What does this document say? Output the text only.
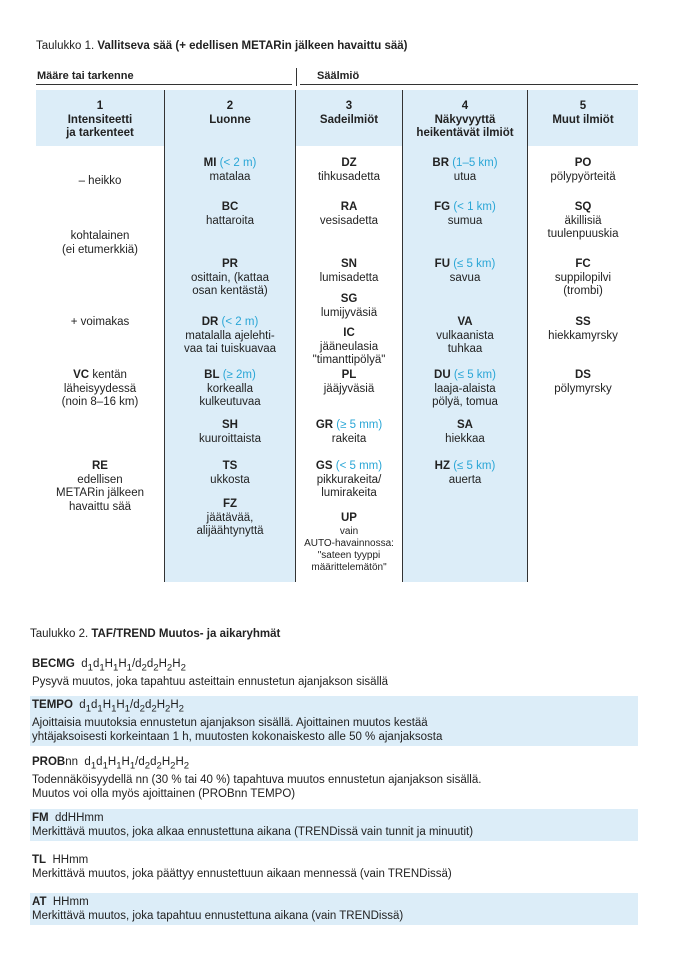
Taulukko 1. Vallitseva sää (+ edellisen METARin jälkeen havaittu sää)
Määre tai tarkenne	Säälmiö
1
Intensiteetti
ja tarkenteet
2
Luonne
3
Sadeilmiöt
4
Näkyvyyttä
heikentävät ilmiöt
5
Muut ilmiöt
– heikko
kohtalainen
(ei etumerkkiä)
+ voimakas
VC kentän
läheisyydessä
(noin 8–16 km)
RE
edellisen
METARin jälkeen
havaittu sää
MI (< 2 m)
matalaa
BC
hattaroita
PR
osittain, (kattaa
osan kentästä)
DR (< 2 m)
matalalla ajelehti-
vaa tai tuiskuavaa
BL (≥ 2m)
korkealla
kulkeutuvaa
SH
kuuroittaista
TS
ukkosta
FZ
jäätävää,
alijäähtynyttä
DZ
tihkusadetta
RA
vesisadetta
SN
lumisadetta
SG
lumijyväsiä
IC
jääneulasia
"timanttipölyä"
PL
jääjyväsiä
GR (≥ 5 mm)
rakeita
GS (< 5 mm)
pikkurakeita/
lumirakeita
UP
vain
AUTO-havainnossa:
"sateen tyyppi
määrittelemätön"
BR (1–5 km)
utua
FG (< 1 km)
sumua
FU (≤ 5 km)
savua
VA
vulkaanista
tuhkaa
DU (≤ 5 km)
laaja-alaista
pölyä, tomua
SA
hiekkaa
HZ (≤ 5 km)
auerta
PO
pölypyörteitä
SQ
äkillisiä
tuulenpuuskia
FC
suppilopilvi
(trombi)
SS
hiekkamyrsky
DS
pölymyrsky
Taulukko 2. TAF/TREND Muutos- ja aikaryhmät

BECMG $d_1d_1H_1H_1/d_2d_2H_2H_2$

Pysyvä muutos, joka tapahtuu asteittain ennustetun ajanjakson sisällä

TEMPO $d_1d_1H_1H_1/d_2d_2H_2H_2$

Ajoittaisia muutoksia ennustetun ajanjakson sisällä. Ajoittainen muutos kestää

yhtäjaksoisesti korkeintaan 1 h, muutosten kokonaiskesto alle 50 % ajanjaksosta

PROBnn $d_1d_1H_1H_1/d_2d_2H_2H_2$

Todennäköisyydellä nn (30 % tai 40 %) tapahtuva muutos ennustetun ajanjakson sisällä.

Muutos voi olla myös ajoittainen (PROBnn TEMPO)

FM ddHHmm

Merkittävä muutos, joka alkaa ennustettuna aikana (TRENDissä vain tunnit ja minuutit)

TL HHmm

Merkittävä muutos, joka päättyy ennustettuun aikaan mennessä (vain TRENDissä)

AT HHmm

Merkittävä muutos, joka tapahtuu ennustettuna aikana (vain TRENDissä)
